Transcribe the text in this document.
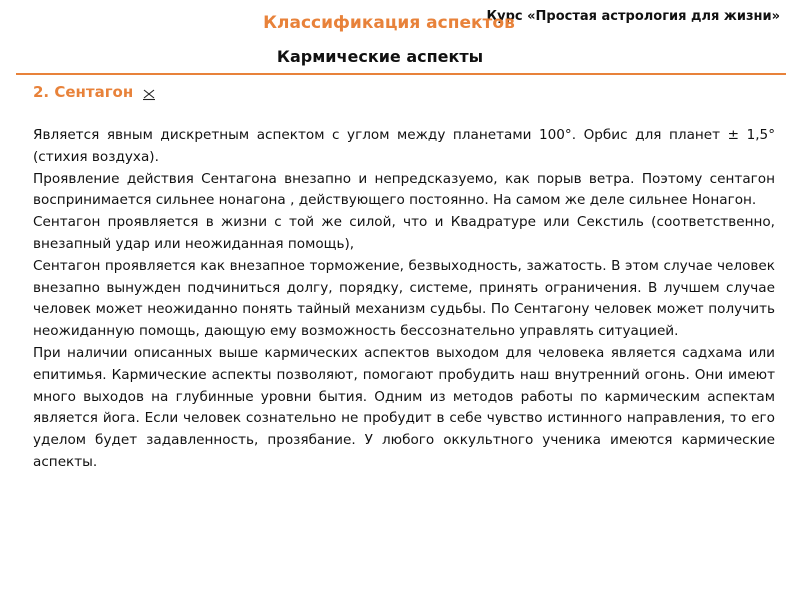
Курс «Простая астрология для жизни»
Классификация аспектов
Кармические аспекты
2. Сентагон

Является явным дискретным аспектом с углом между планетами 100°. Орбис для планет ± 1,5° (стихия воздуха).

Проявление действия Сентагона внезапно и непредсказуемо, как порыв ветра. Поэтому сентагон воспринимается сильнее нонагона , действующего постоянно. На самом же деле сильнее Нонагон.

Сентагон проявляется в жизни с той же силой, что и Квадратуре или Секстиль (соответственно, внезапный удар или неожиданная помощь),

Сентагон проявляется как внезапное торможение, безвыходность, зажатость. В этом случае человек внезапно вынужден подчиниться долгу, порядку, системе, принять ограничения. В лучшем случае человек может неожиданно понять тайный механизм судьбы. По Сентагону человек может получить неожиданную помощь, дающую ему возможность бессознательно управлять ситуацией.

При наличии описанных выше кармических аспектов выходом для человека является садхама или епитимья. Кармические аспекты позволяют, помогают пробудить наш внутренний огонь. Они имеют много выходов на глубинные уровни бытия. Одним из методов работы по кармическим аспектам является йога. Если человек сознательно не пробудит в себе чувство истинного направления, то его уделом будет задавленность, прозябание. У любого оккультного ученика имеются кармические аспекты.
